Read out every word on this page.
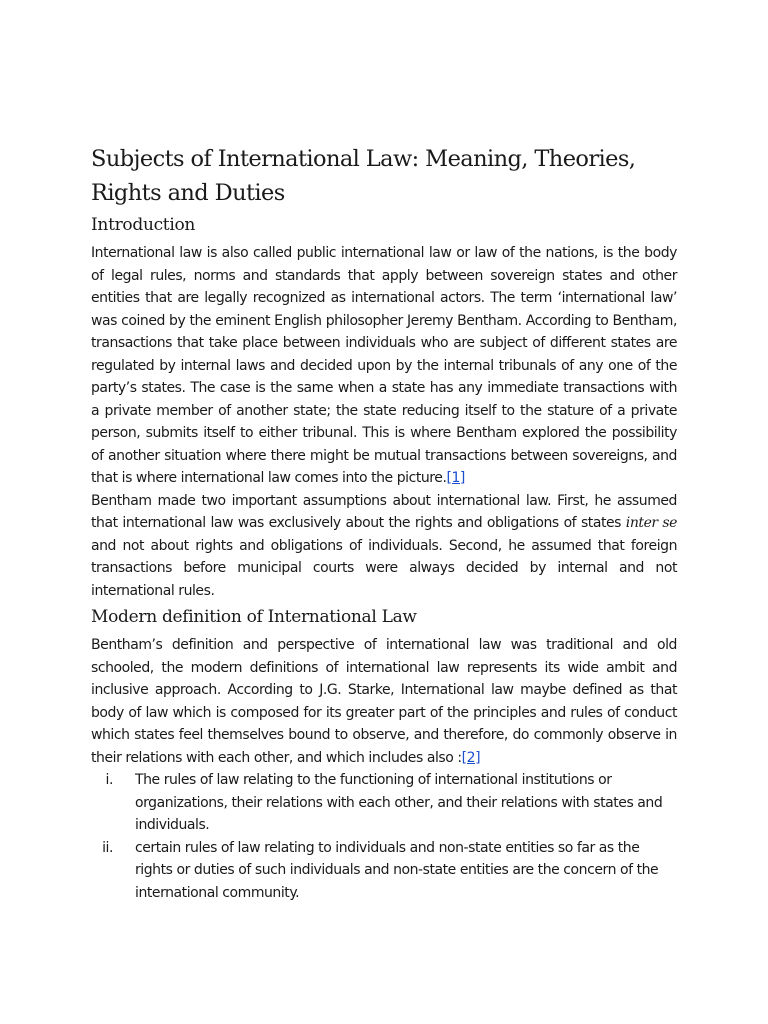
Subjects of International Law: Meaning, Theories, Rights and Duties
Introduction

International law is also called public international law or law of the nations, is the body of legal rules, norms and standards that apply between sovereign states and other entities that are legally recognized as international actors. The term ‘international law’ was coined by the eminent English philosopher Jeremy Bentham. According to Bentham, transactions that take place between individuals who are subject of different states are regulated by internal laws and decided upon by the internal tribunals of any one of the party’s states. The case is the same when a state has any immediate transactions with a private member of another state; the state reducing itself to the stature of a private person, submits itself to either tribunal. This is where Bentham explored the possibility of another situation where there might be mutual transactions between sovereigns, and that is where international law comes into the picture.[1]

Bentham made two important assumptions about international law. First, he assumed that international law was exclusively about the rights and obligations of states inter se and not about rights and obligations of individuals. Second, he assumed that foreign transactions before municipal courts were always decided by internal and not international rules.

Modern definition of International Law

Bentham’s definition and perspective of international law was traditional and old schooled, the modern definitions of international law represents its wide ambit and inclusive approach. According to J.G. Starke, International law maybe defined as that body of law which is composed for its greater part of the principles and rules of conduct which states feel themselves bound to observe, and therefore, do commonly observe in their relations with each other, and which includes also :[2]

i. The rules of law relating to the functioning of international institutions or organizations, their relations with each other, and their relations with states and individuals.
ii. certain rules of law relating to individuals and non-state entities so far as the rights or duties of such individuals and non-state entities are the concern of the international community.
